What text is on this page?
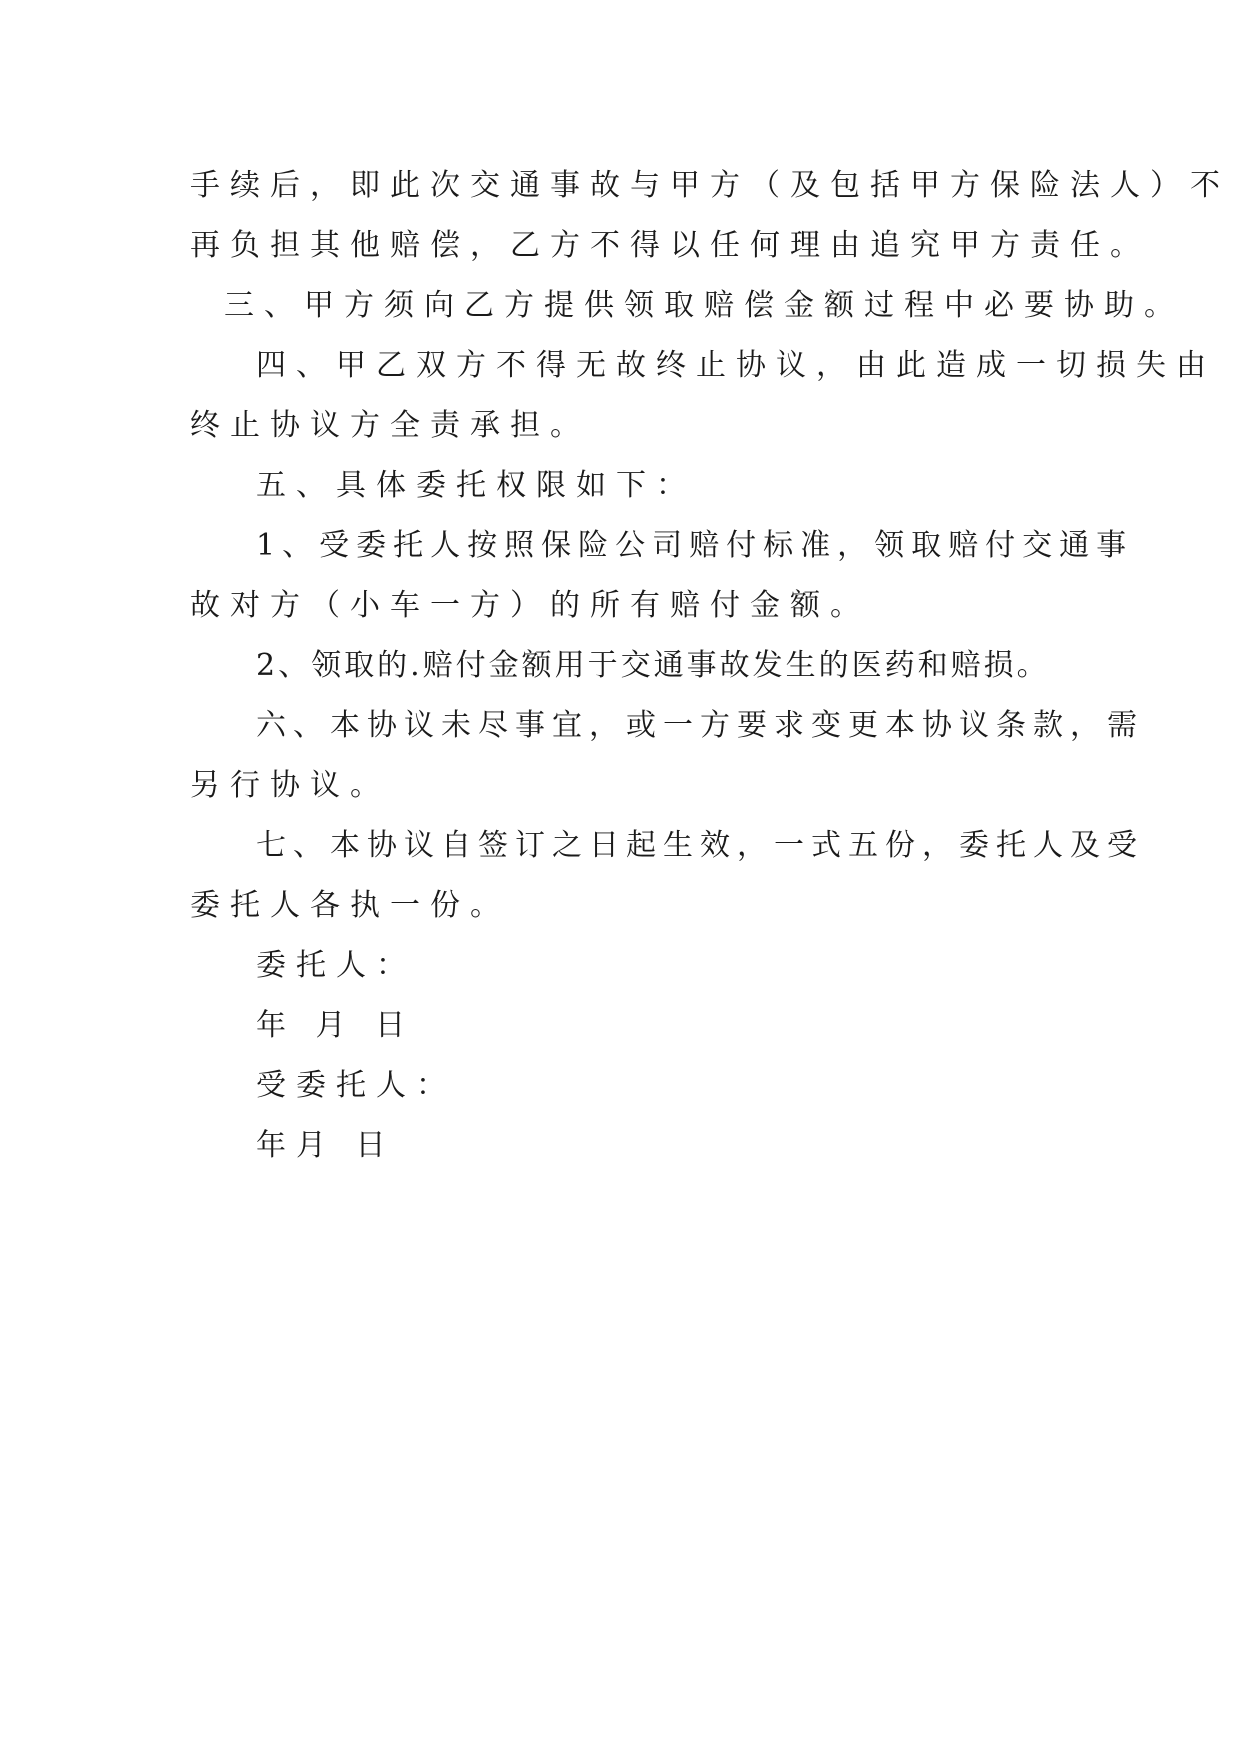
手续后，即此次交通事故与甲方（及包括甲方保险法人）不
再负担其他赔偿，乙方不得以任何理由追究甲方责任。
三、甲方须向乙方提供领取赔偿金额过程中必要协助。
四、甲乙双方不得无故终止协议，由此造成一切损失由
终止协议方全责承担。
五、具体委托权限如下：
1、受委托人按照保险公司赔付标准，领取赔付交通事
故对方（小车一方）的所有赔付金额。
2、领取的.赔付金额用于交通事故发生的医药和赔损。
六、本协议未尽事宜，或一方要求变更本协议条款，需
另行协议。
七、本协议自签订之日起生效，一式五份，委托人及受
委托人各执一份。
委托人：
年 月 日
受委托人：
年月 日
